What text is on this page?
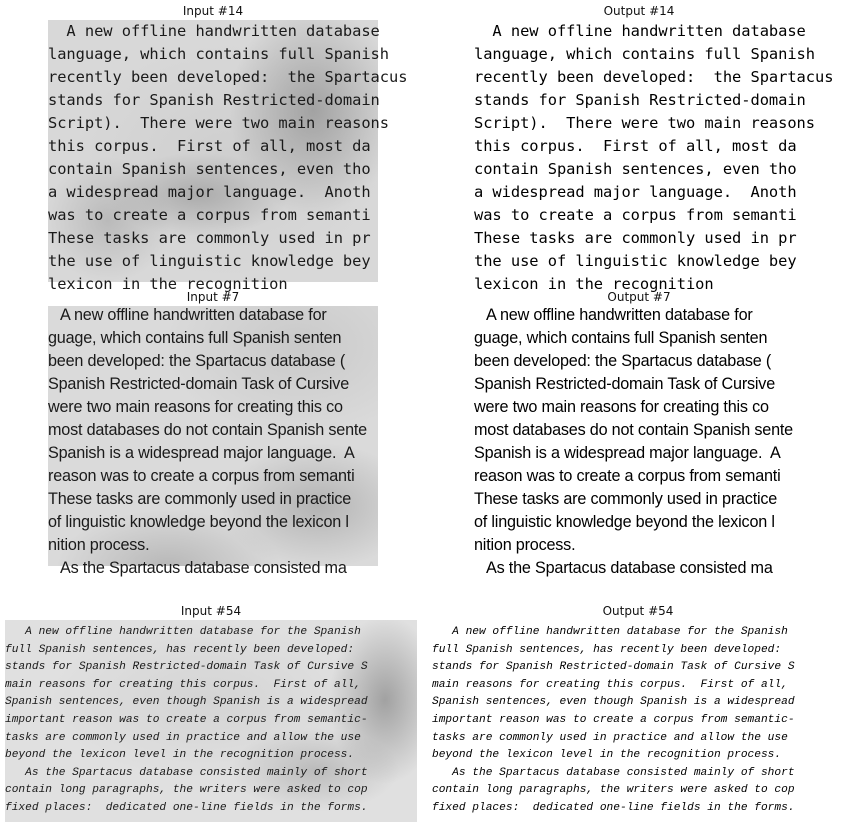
Input #14	Output #14
Input #7	Output #7
Input #54	Output #54
A new offline handwritten database
language, which contains full Spanish
recently been developed:  the Spartacus
stands for Spanish Restricted-domain
Script).  There were two main reasons
this corpus.  First of all, most da
contain Spanish sentences, even tho
a widespread major language.  Anoth
was to create a corpus from semanti
These tasks are commonly used in pr
the use of linguistic knowledge bey
lexicon in the recognition
A new offline handwritten database
language, which contains full Spanish
recently been developed:  the Spartacus
stands for Spanish Restricted-domain
Script).  There were two main reasons
this corpus.  First of all, most da
contain Spanish sentences, even tho
a widespread major language.  Anoth
was to create a corpus from semanti
These tasks are commonly used in pr
the use of linguistic knowledge bey
lexicon in the recognition
A new offline handwritten database for
guage, which contains full Spanish senten
been developed: the Spartacus database (
Spanish Restricted-domain Task of Cursive
were two main reasons for creating this co
most databases do not contain Spanish sente
Spanish is a widespread major language.  A
reason was to create a corpus from semanti
These tasks are commonly used in practice
of linguistic knowledge beyond the lexicon l
nition process.
As the Spartacus database consisted ma
A new offline handwritten database for
guage, which contains full Spanish senten
been developed: the Spartacus database (
Spanish Restricted-domain Task of Cursive
were two main reasons for creating this co
most databases do not contain Spanish sente
Spanish is a widespread major language.  A
reason was to create a corpus from semanti
These tasks are commonly used in practice
of linguistic knowledge beyond the lexicon l
nition process.
As the Spartacus database consisted ma
A new offline handwritten database for the Spanish
full Spanish sentences, has recently been developed:
stands for Spanish Restricted-domain Task of Cursive S
main reasons for creating this corpus.  First of all,
Spanish sentences, even though Spanish is a widespread
important reason was to create a corpus from semantic-
tasks are commonly used in practice and allow the use
beyond the lexicon level in the recognition process.
As the Spartacus database consisted mainly of short
contain long paragraphs, the writers were asked to cop
fixed places:  dedicated one-line fields in the forms.
A new offline handwritten database for the Spanish
full Spanish sentences, has recently been developed:
stands for Spanish Restricted-domain Task of Cursive S
main reasons for creating this corpus.  First of all,
Spanish sentences, even though Spanish is a widespread
important reason was to create a corpus from semantic-
tasks are commonly used in practice and allow the use
beyond the lexicon level in the recognition process.
As the Spartacus database consisted mainly of short
contain long paragraphs, the writers were asked to cop
fixed places:  dedicated one-line fields in the forms.
